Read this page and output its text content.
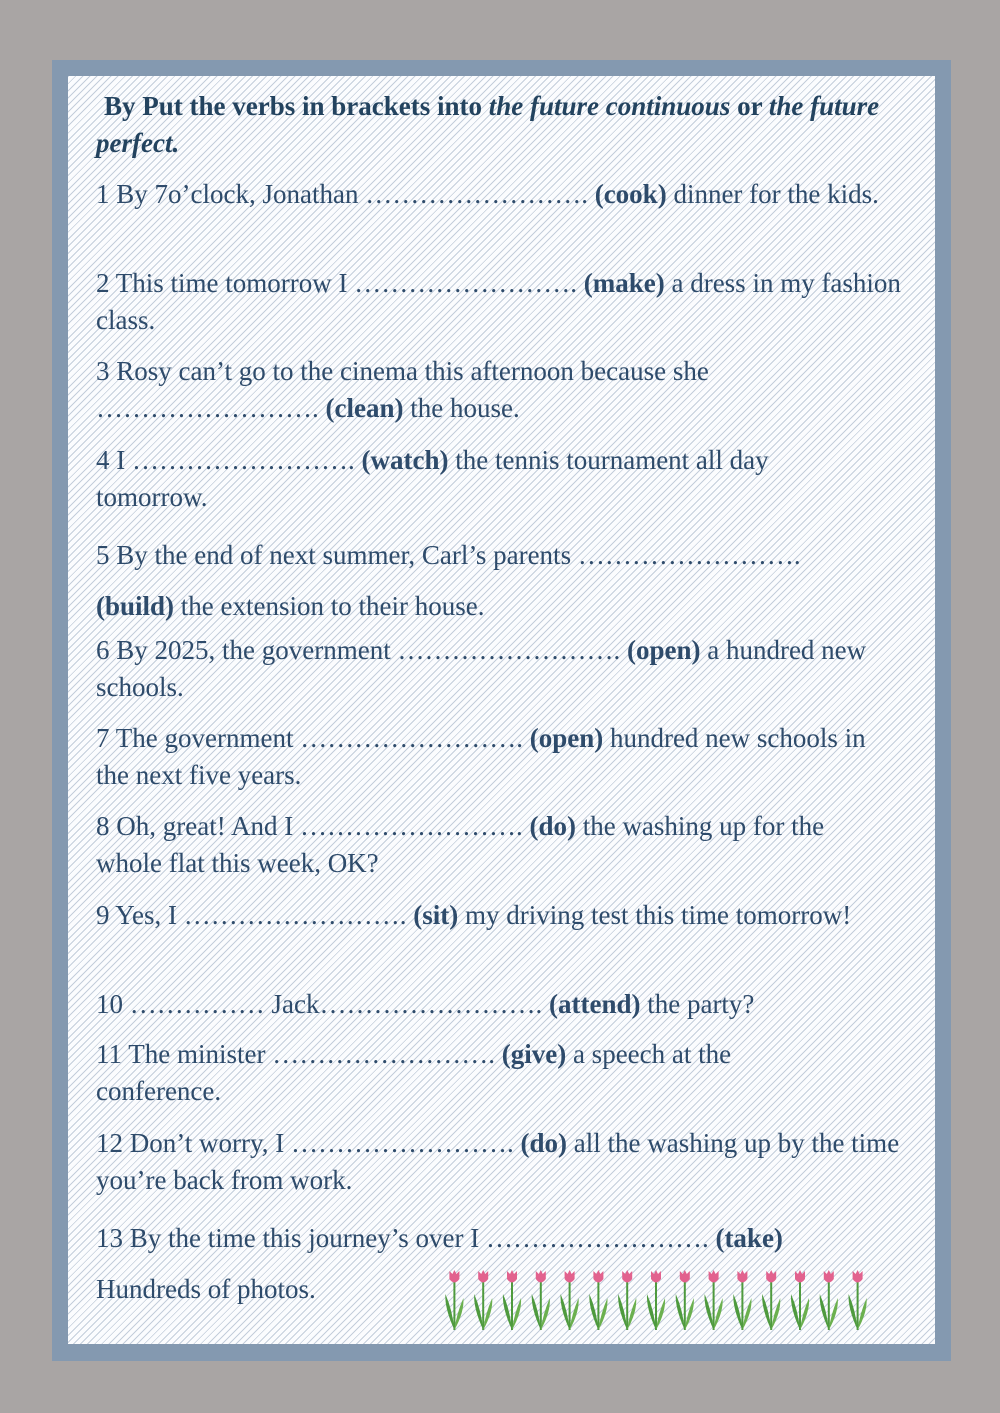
By Put the verbs in brackets into the future continuous or the future perfect.
1 By 7o’clock, Jonathan ……………………. (cook) dinner for the kids.
2 This time tomorrow I ……………………. (make) a dress in my fashion class.
3 Rosy can’t go to the cinema this afternoon because she ……………………. (clean) the house.
4 I ……………………. (watch) the tennis tournament all day tomorrow.
5 By the end of next summer, Carl’s parents …………………….
(build) the extension to their house.
6 By 2025, the government ……………………. (open) a hundred new schools.
7 The government ……………………. (open) hundred new schools in the next five years.
8 Oh, great! And I ……………………. (do) the washing up for the whole flat this week, OK?
9 Yes, I ……………………. (sit) my driving test this time tomorrow!
10 …………… Jack……………………. (attend) the party?
11 The minister ……………………. (give) a speech at the conference.
12 Don’t worry, I ……………………. (do) all the washing up by the time you’re back from work.
13 By the time this journey’s over I ……………………. (take)
Hundreds of photos.
